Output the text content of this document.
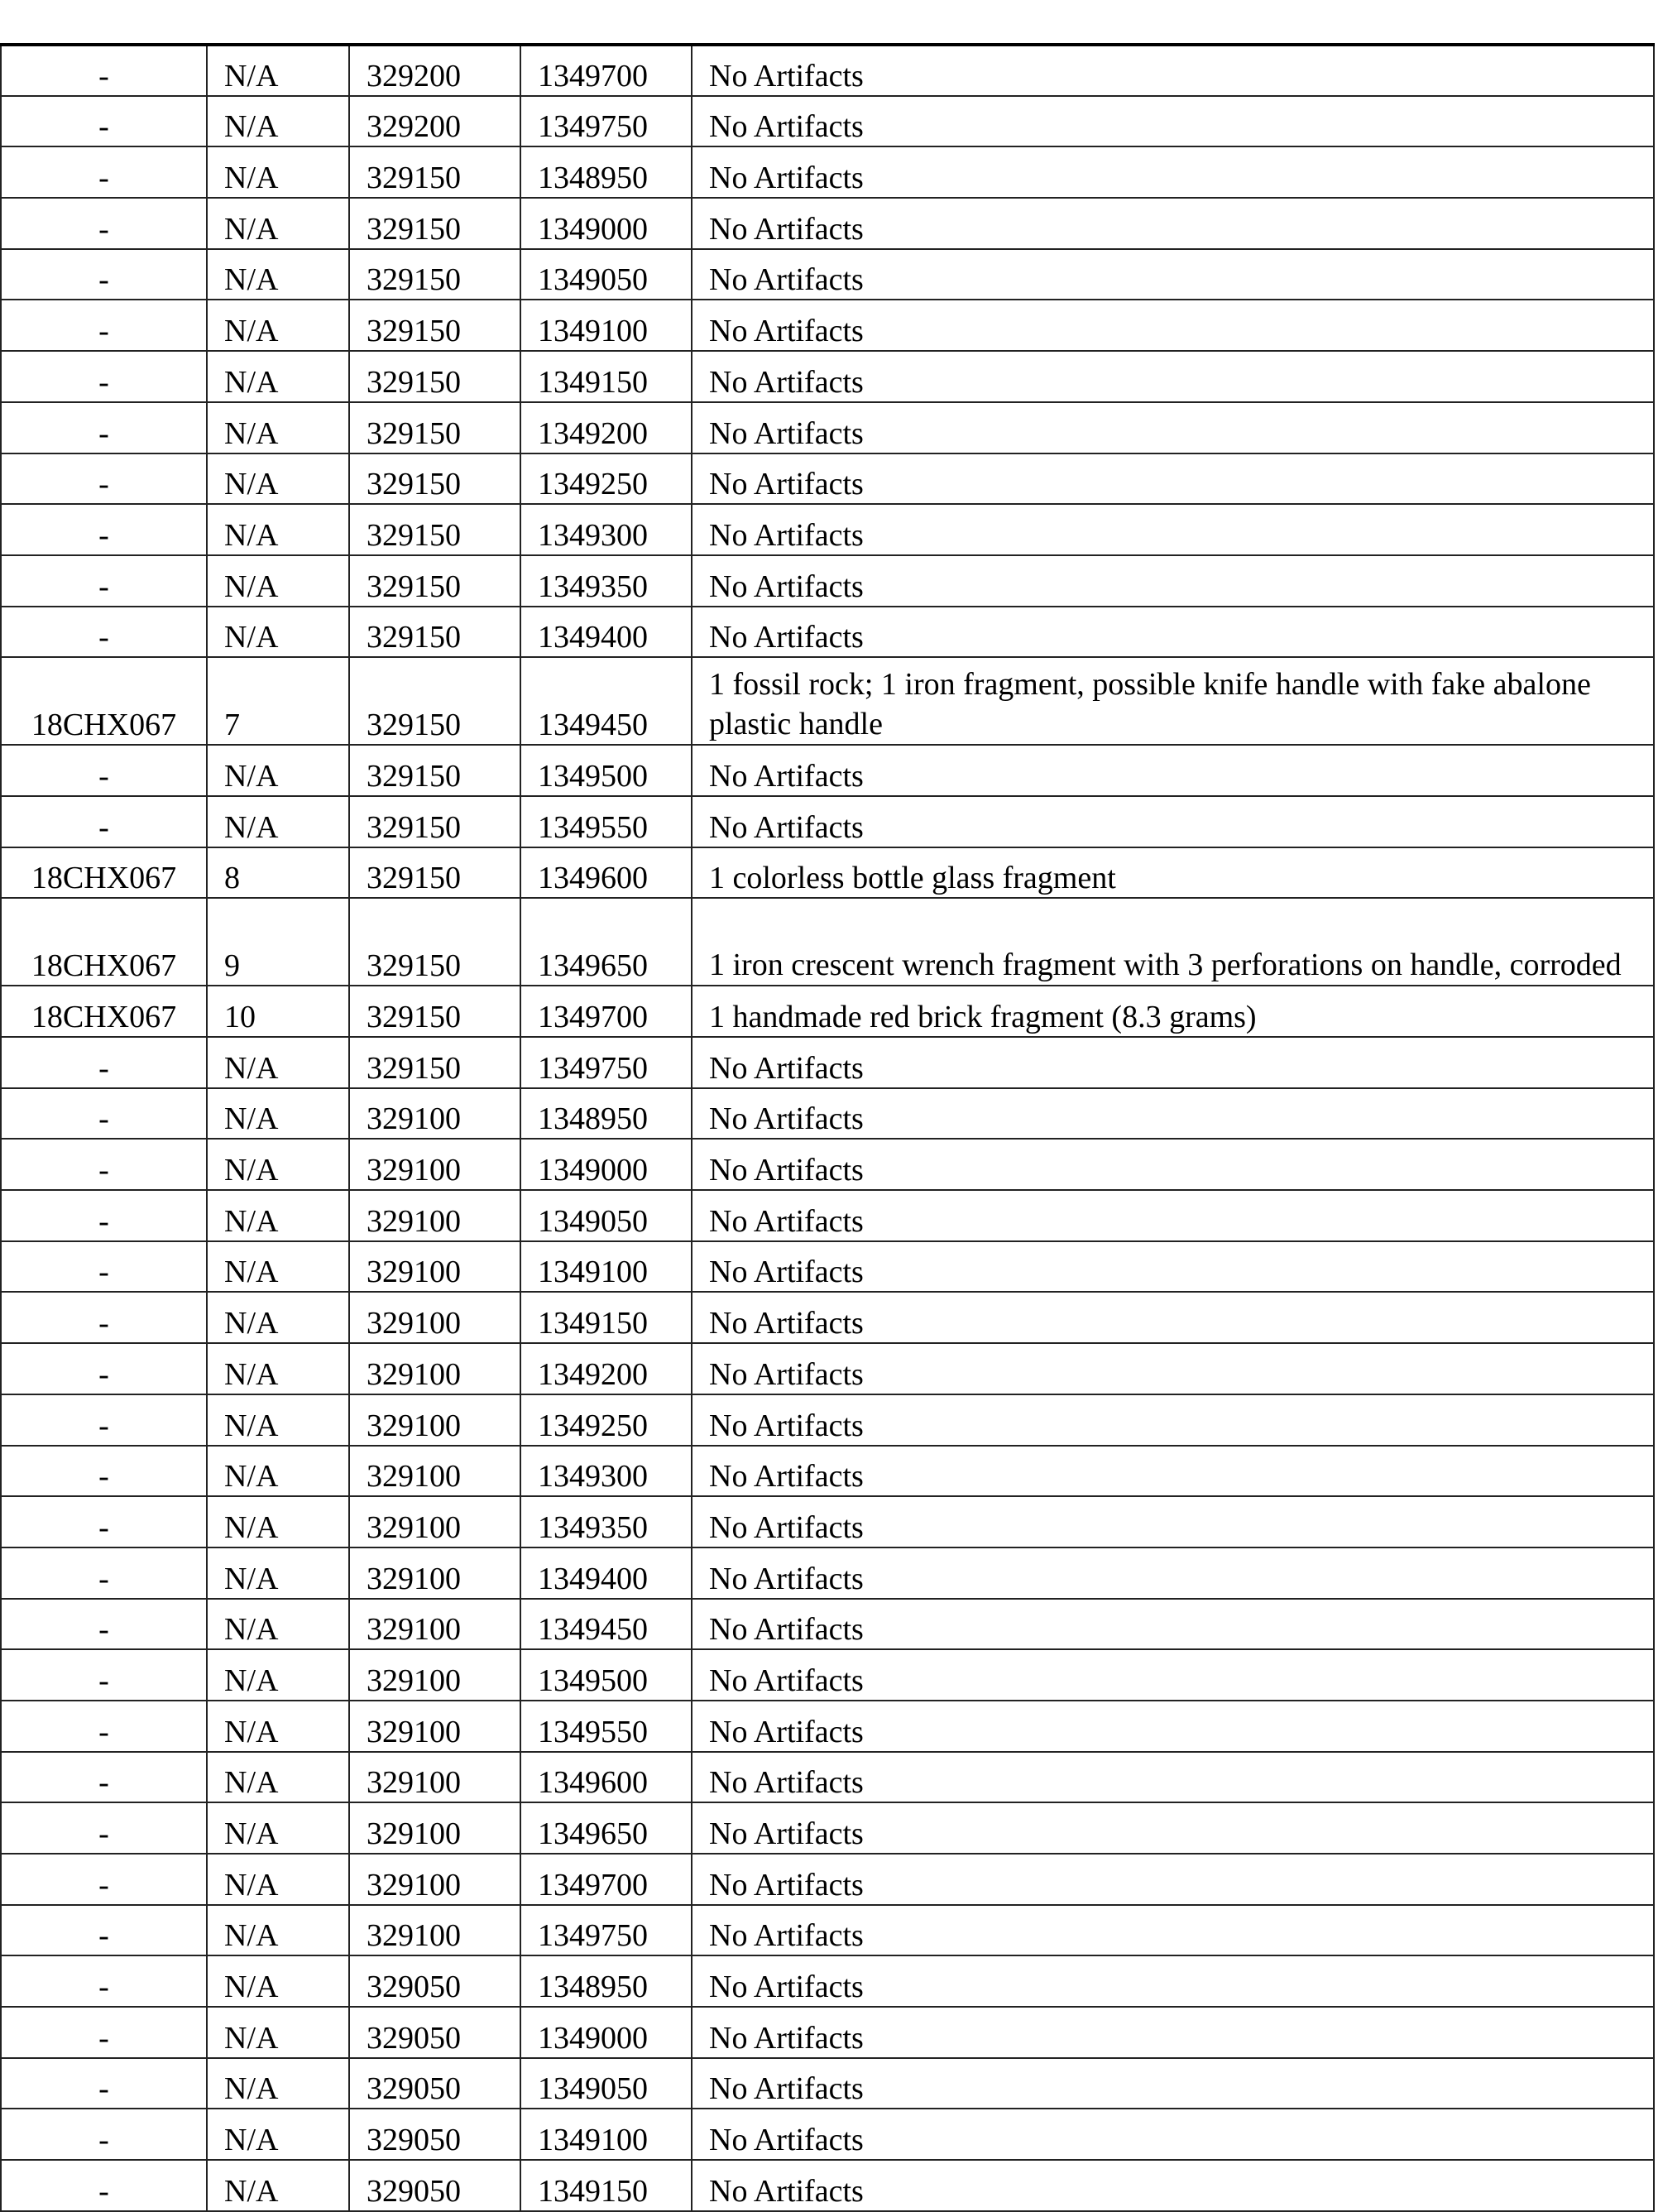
-	N/A	329200	1349700	No Artifacts
-	N/A	329200	1349750	No Artifacts
-	N/A	329150	1348950	No Artifacts
-	N/A	329150	1349000	No Artifacts
-	N/A	329150	1349050	No Artifacts
-	N/A	329150	1349100	No Artifacts
-	N/A	329150	1349150	No Artifacts
-	N/A	329150	1349200	No Artifacts
-	N/A	329150	1349250	No Artifacts
-	N/A	329150	1349300	No Artifacts
-	N/A	329150	1349350	No Artifacts
-	N/A	329150	1349400	No Artifacts
18CHX067	7	329150	1349450	1 fossil rock; 1 iron fragment, possible knife handle with fake abalone plastic handle
-	N/A	329150	1349500	No Artifacts
-	N/A	329150	1349550	No Artifacts
18CHX067	8	329150	1349600	1 colorless bottle glass fragment
18CHX067	9	329150	1349650	1 iron crescent wrench fragment with 3 perforations on handle, corroded
18CHX067	10	329150	1349700	1 handmade red brick fragment (8.3 grams)
-	N/A	329150	1349750	No Artifacts
-	N/A	329100	1348950	No Artifacts
-	N/A	329100	1349000	No Artifacts
-	N/A	329100	1349050	No Artifacts
-	N/A	329100	1349100	No Artifacts
-	N/A	329100	1349150	No Artifacts
-	N/A	329100	1349200	No Artifacts
-	N/A	329100	1349250	No Artifacts
-	N/A	329100	1349300	No Artifacts
-	N/A	329100	1349350	No Artifacts
-	N/A	329100	1349400	No Artifacts
-	N/A	329100	1349450	No Artifacts
-	N/A	329100	1349500	No Artifacts
-	N/A	329100	1349550	No Artifacts
-	N/A	329100	1349600	No Artifacts
-	N/A	329100	1349650	No Artifacts
-	N/A	329100	1349700	No Artifacts
-	N/A	329100	1349750	No Artifacts
-	N/A	329050	1348950	No Artifacts
-	N/A	329050	1349000	No Artifacts
-	N/A	329050	1349050	No Artifacts
-	N/A	329050	1349100	No Artifacts
-	N/A	329050	1349150	No Artifacts
